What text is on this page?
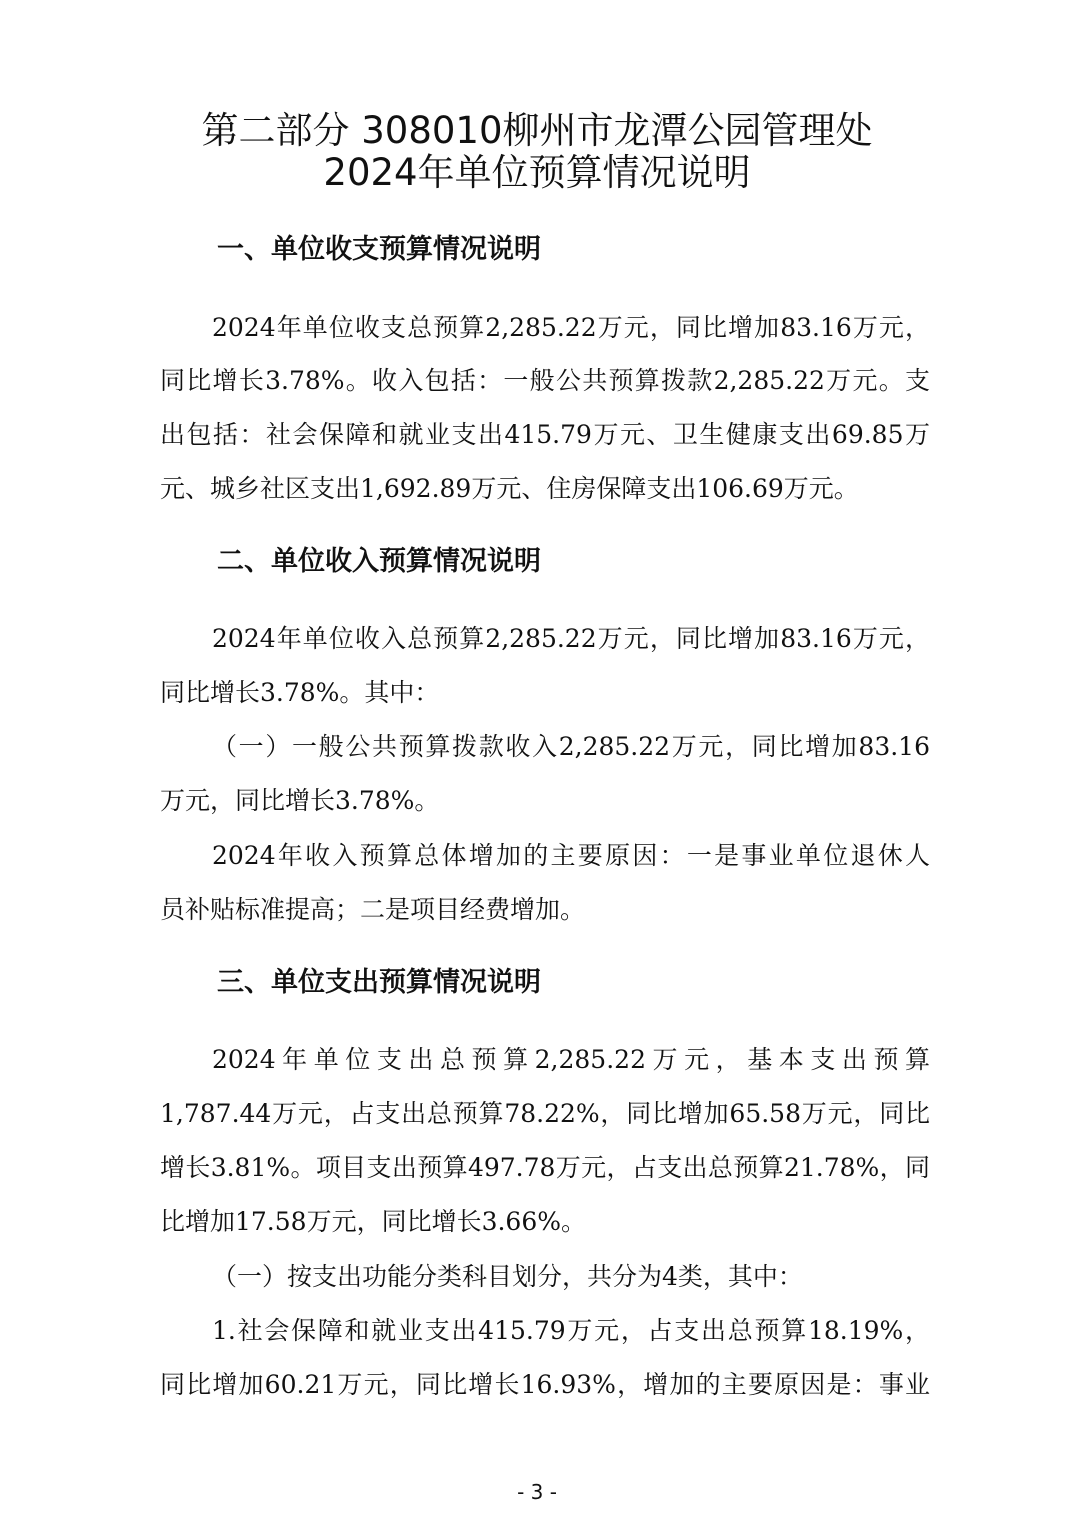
第二部分 308010柳州市龙潭公园管理处
2024年单位预算情况说明
一、单位收支预算情况说明
2024年单位收支总预算2,285.22万元，同比增加83.16万元，
同比增长3.78%。收入包括：一般公共预算拨款2,285.22万元。支
出包括：社会保障和就业支出415.79万元、卫生健康支出69.85万
元、城乡社区支出1,692.89万元、住房保障支出106.69万元。
二、单位收入预算情况说明
2024年单位收入总预算2,285.22万元，同比增加83.16万元，
同比增长3.78%。其中：
（一）一般公共预算拨款收入2,285.22万元，同比增加83.16
万元，同比增长3.78%。
2024年收入预算总体增加的主要原因：一是事业单位退休人
员补贴标准提高；二是项目经费增加。
三、单位支出预算情况说明
2024年单位支出总预算2,285.22万元，基本支出预算
1,787.44万元，占支出总预算78.22%，同比增加65.58万元，同比
增长3.81%。项目支出预算497.78万元，占支出总预算21.78%，同
比增加17.58万元，同比增长3.66%。
（一）按支出功能分类科目划分，共分为4类，其中：
1.社会保障和就业支出415.79万元，占支出总预算18.19%，
同比增加60.21万元，同比增长16.93%，增加的主要原因是：事业
- 3 -
